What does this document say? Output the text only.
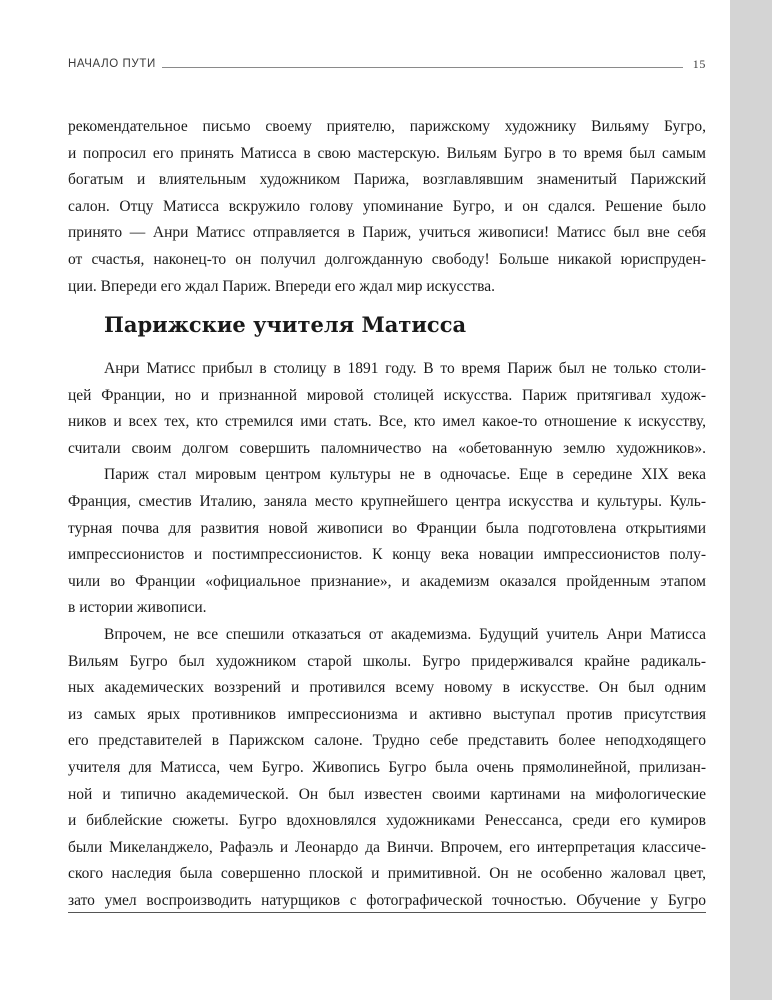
НАЧАЛО ПУТИ	15
рекомендательное письмо своему приятелю, парижскому художнику Вильяму Бугро,
и попросил его принять Матисса в свою мастерскую. Вильям Бугро в то время был самым
богатым и влиятельным художником Парижа, возглавлявшим знаменитый Парижский
салон. Отцу Матисса вскружило голову упоминание Бугро, и он сдался. Решение было
принято — Анри Матисс отправляется в Париж, учиться живописи! Матисс был вне себя
от счастья, наконец-то он получил долгожданную свободу! Больше никакой юриспруден-
ции. Впереди его ждал Париж. Впереди его ждал мир искусства.
Парижские учителя Матисса
Анри Матисс прибыл в столицу в 1891 году. В то время Париж был не только столи-
цей Франции, но и признанной мировой столицей искусства. Париж притягивал худож-
ников и всех тех, кто стремился ими стать. Все, кто имел какое-то отношение к искусству,
считали своим долгом совершить паломничество на «обетованную землю художников».
Париж стал мировым центром культуры не в одночасье. Еще в середине XIX века
Франция, сместив Италию, заняла место крупнейшего центра искусства и культуры. Куль-
турная почва для развития новой живописи во Франции была подготовлена открытиями
импрессионистов и постимпрессионистов. К концу века новации импрессионистов полу-
чили во Франции «официальное признание», и академизм оказался пройденным этапом
в истории живописи.
Впрочем, не все спешили отказаться от академизма. Будущий учитель Анри Матисса
Вильям Бугро был художником старой школы. Бугро придерживался крайне радикаль-
ных академических воззрений и противился всему новому в искусстве. Он был одним
из самых ярых противников импрессионизма и активно выступал против присутствия
его представителей в Парижском салоне. Трудно себе представить более неподходящего
учителя для Матисса, чем Бугро. Живопись Бугро была очень прямолинейной, прилизан-
ной и типично академической. Он был известен своими картинами на мифологические
и библейские сюжеты. Бугро вдохновлялся художниками Ренессанса, среди его кумиров
были Микеланджело, Рафаэль и Леонардо да Винчи. Впрочем, его интерпретация классиче-
ского наследия была совершенно плоской и примитивной. Он не особенно жаловал цвет,
зато умел воспроизводить натурщиков с фотографической точностью. Обучение у Бугро
